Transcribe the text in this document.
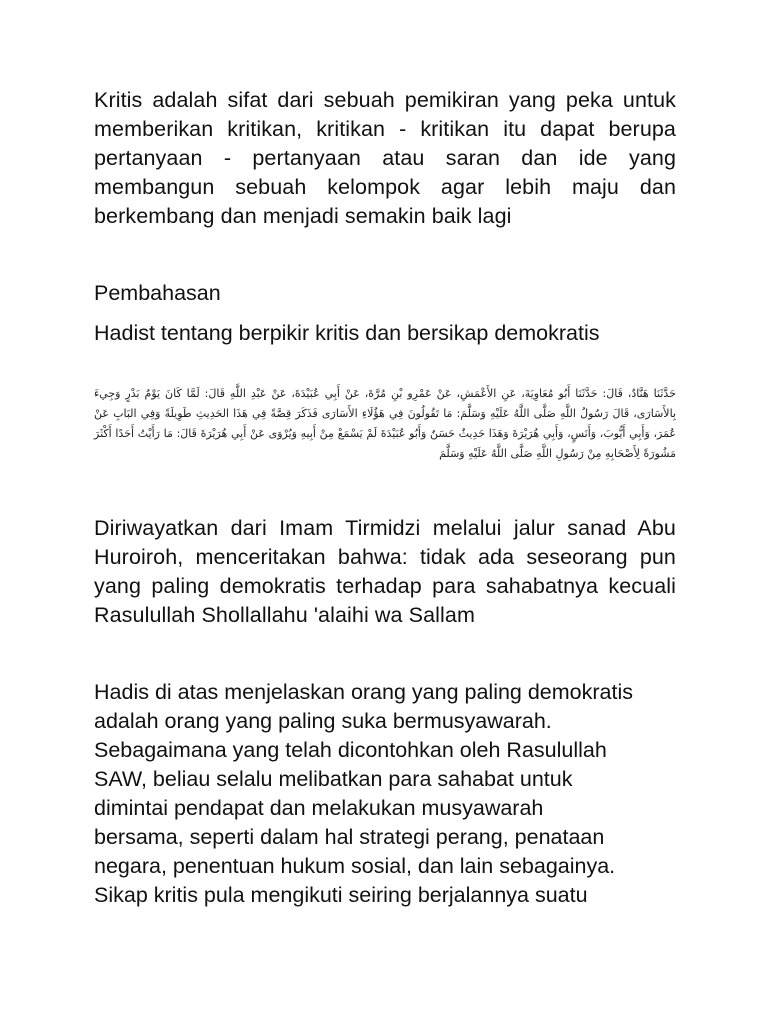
Kritis adalah sifat dari sebuah pemikiran yang peka untuk memberikan kritikan, kritikan - kritikan itu dapat berupa pertanyaan - pertanyaan atau saran dan ide yang membangun sebuah kelompok agar lebih maju dan berkembang dan menjadi semakin baik lagi

Pembahasan

Hadist tentang berpikir kritis dan bersikap demokratis

حَدَّثَنَا هَنَّادٌ، قَالَ: حَدَّثَنَا أَبُو مُعَاوِيَةَ، عَنِ الأَعْمَشِ، عَنْ عَمْرِو بْنِ مُرَّةَ، عَنْ أَبِي عُبَيْدَةَ، عَنْ عَبْدِ اللَّهِ قَالَ: لَمَّا كَانَ يَوْمُ بَدْرٍ وَجِيءَ بِالأَسَارَى، قَالَ رَسُولُ اللَّهِ صَلَّى اللَّهُ عَلَيْهِ وَسَلَّمَ: مَا تَقُولُونَ فِي هَؤُلَاءِ الأَسَارَى فَذَكَرَ قِصَّةً فِي هَذَا الحَدِيثِ طَوِيلَةً وَفِي البَابِ عَنْ عُمَرَ، وَأَبِي أَيُّوبَ، وَأَنَسٍ، وَأَبِي هُرَيْرَةَ وَهَذَا حَدِيثٌ حَسَنٌ وَأَبُو عُبَيْدَةَ لَمْ يَسْمَعْ مِنْ أَبِيهِ وَيُرْوَى عَنْ أَبِي هُرَيْرَةَ قَالَ: مَا رَأَيْتُ أَحَدًا أَكْثَرَ مَشُورَةً لِأَصْحَابِهِ مِنْ رَسُولِ اللَّهِ صَلَّى اللَّهُ عَلَيْهِ وَسَلَّمَ

Diriwayatkan dari Imam Tirmidzi melalui jalur sanad Abu Huroiroh, menceritakan bahwa: tidak ada seseorang pun yang paling demokratis terhadap para sahabatnya kecuali Rasulullah Shollallahu 'alaihi wa Sallam

Hadis di atas menjelaskan orang yang paling demokratis

adalah orang yang paling suka bermusyawarah.

Sebagaimana yang telah dicontohkan oleh Rasulullah

SAW, beliau selalu melibatkan para sahabat untuk

dimintai pendapat dan melakukan musyawarah

bersama, seperti dalam hal strategi perang, penataan

negara, penentuan hukum sosial, dan lain sebagainya.

Sikap kritis pula mengikuti seiring berjalannya suatu
